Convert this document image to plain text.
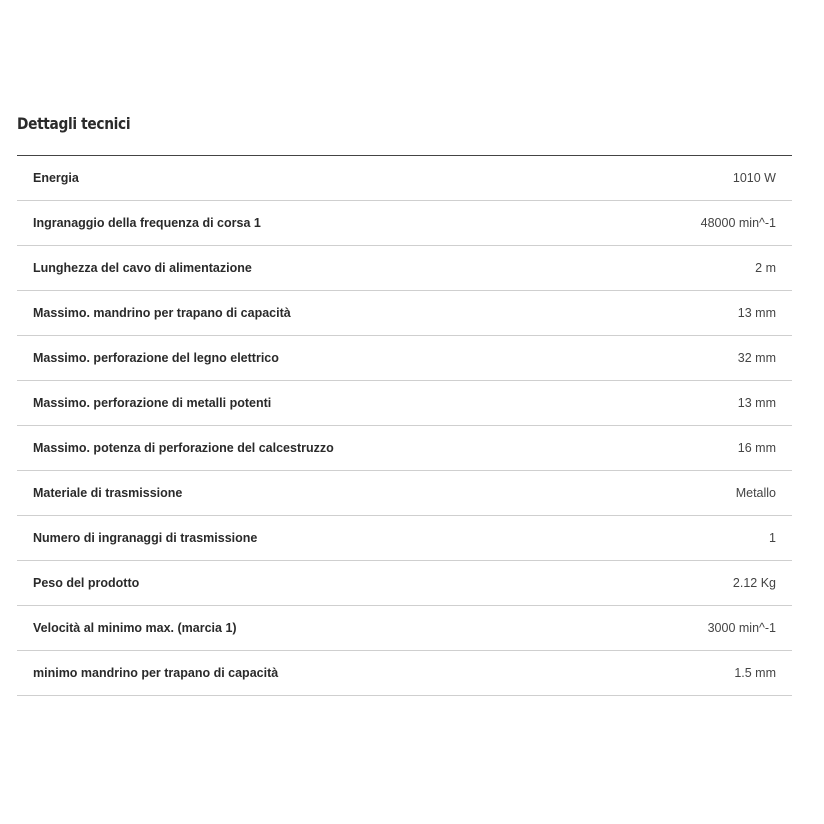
Dettagli tecnici
Energia	1010 W
Ingranaggio della frequenza di corsa 1	48000 min^-1
Lunghezza del cavo di alimentazione	2 m
Massimo. mandrino per trapano di capacità	13 mm
Massimo. perforazione del legno elettrico	32 mm
Massimo. perforazione di metalli potenti	13 mm
Massimo. potenza di perforazione del calcestruzzo	16 mm
Materiale di trasmissione	Metallo
Numero di ingranaggi di trasmissione	1
Peso del prodotto	2.12 Kg
Velocità al minimo max. (marcia 1)	3000 min^-1
minimo mandrino per trapano di capacità	1.5 mm
